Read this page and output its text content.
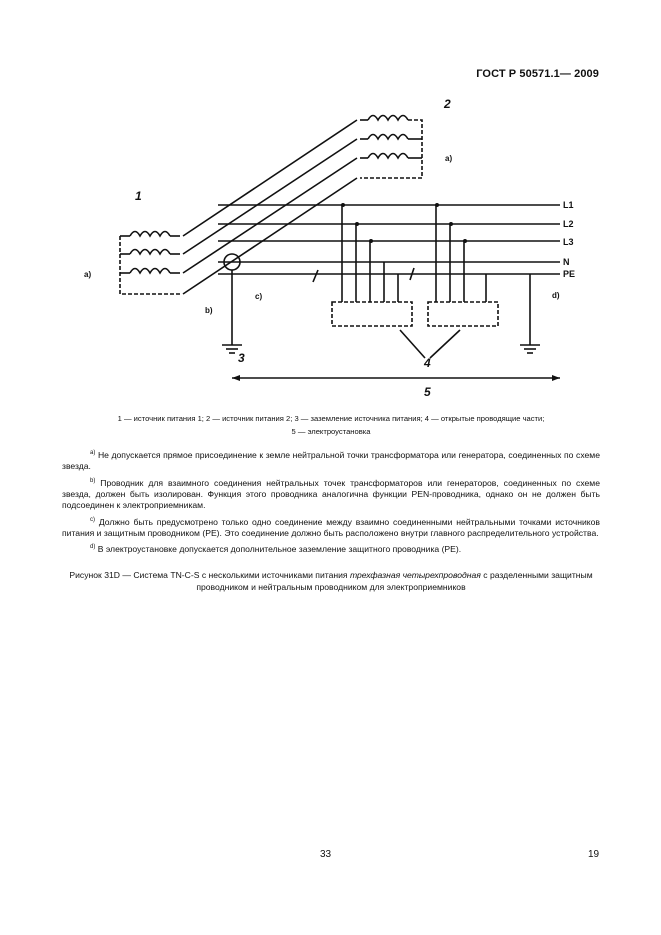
ГОСТ Р 50571.1— 2009
L1
L2
L3
N
PE
1
2
3	4
5
a)
a)
b)
c)	d)
1 — источник питания 1; 2 — источник питания 2; 3 — заземление источника питания; 4 — открытые проводящие части;
5 — электроустановка

$^{a)}$ Не допускается прямое присоединение к земле нейтральной точки трансформатора или генератора, соединенных по схеме звезда.

$^{b)}$ Проводник для взаимного соединения нейтральных точек трансформаторов или генераторов, соединенных по схеме звезда, должен быть изолирован. Функция этого проводника аналогична функции PEN-проводника, однако он не должен быть подсоединен к электроприемникам.

$^{c)}$ Должно быть предусмотрено только одно соединение между взаимно соединенными нейтральными точками источников питания и защитным проводником (PE). Это соединение должно быть расположено внутри главного распределительного устройства.

$^{d)}$ В электроустановке допускается дополнительное заземление защитного проводника (PE).

Рисунок 31D — Система TN-C-S с несколькими источниками питания трехфазная четырехпроводная с разделенными защитным проводником и нейтральным проводником для электроприемников
33	19
